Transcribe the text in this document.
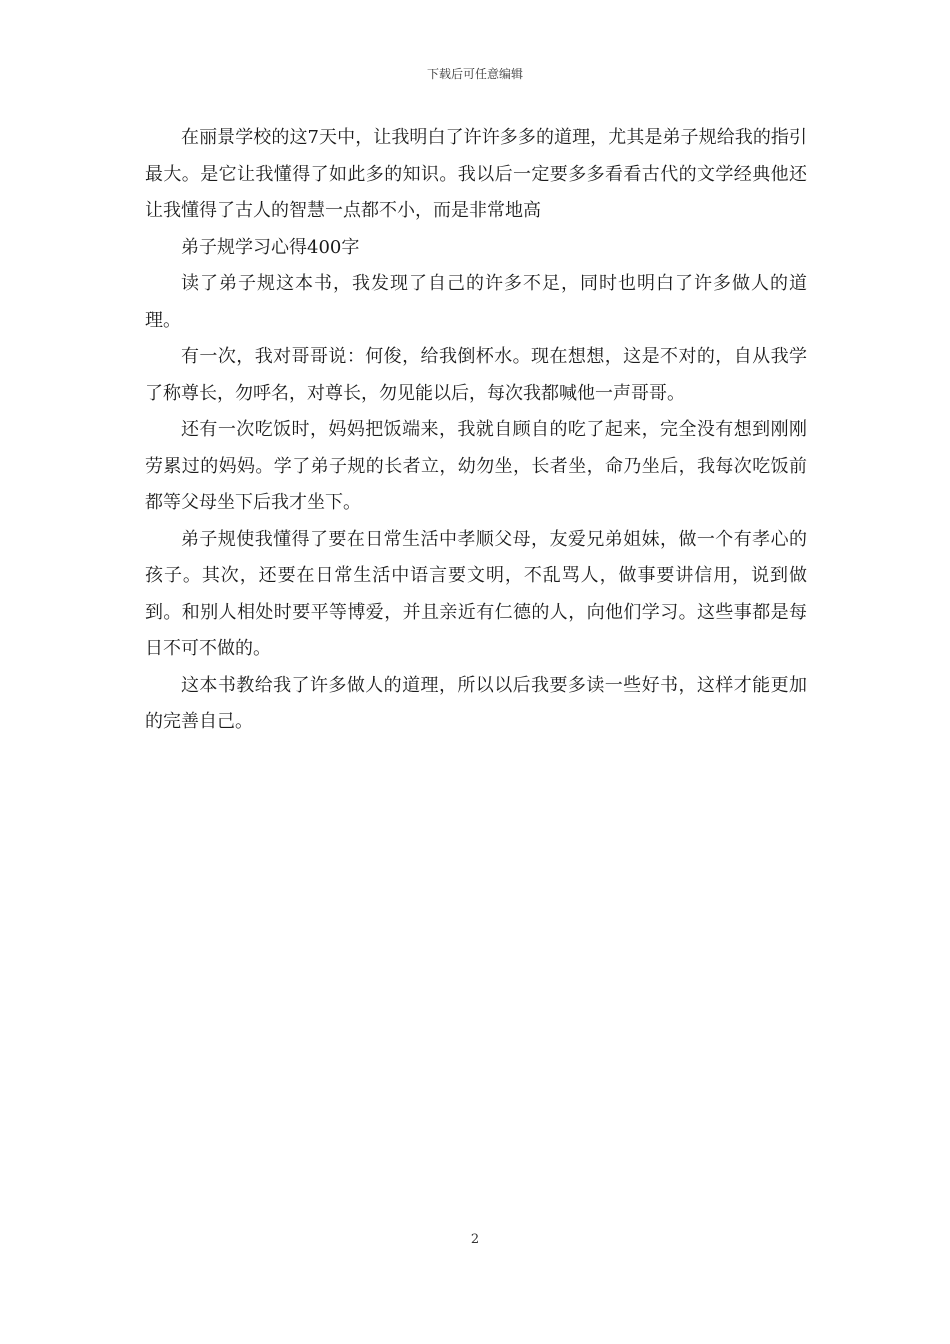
下载后可任意编辑

在丽景学校的这7天中，让我明白了许许多多的道理，尤其是弟子规给我的指引最大。是它让我懂得了如此多的知识。我以后一定要多多看看古代的文学经典他还让我懂得了古人的智慧一点都不小，而是非常地高

弟子规学习心得400字

读了弟子规这本书，我发现了自己的许多不足，同时也明白了许多做人的道理。

有一次，我对哥哥说：何俊，给我倒杯水。现在想想，这是不对的，自从我学了称尊长，勿呼名，对尊长，勿见能以后，每次我都喊他一声哥哥。

还有一次吃饭时，妈妈把饭端来，我就自顾自的吃了起来，完全没有想到刚刚劳累过的妈妈。学了弟子规的长者立，幼勿坐，长者坐，命乃坐后，我每次吃饭前都等父母坐下后我才坐下。

弟子规使我懂得了要在日常生活中孝顺父母，友爱兄弟姐妹，做一个有孝心的孩子。其次，还要在日常生活中语言要文明，不乱骂人，做事要讲信用，说到做到。和别人相处时要平等博爱，并且亲近有仁德的人，向他们学习。这些事都是每日不可不做的。

这本书教给我了许多做人的道理，所以以后我要多读一些好书，这样才能更加的完善自己。

2
